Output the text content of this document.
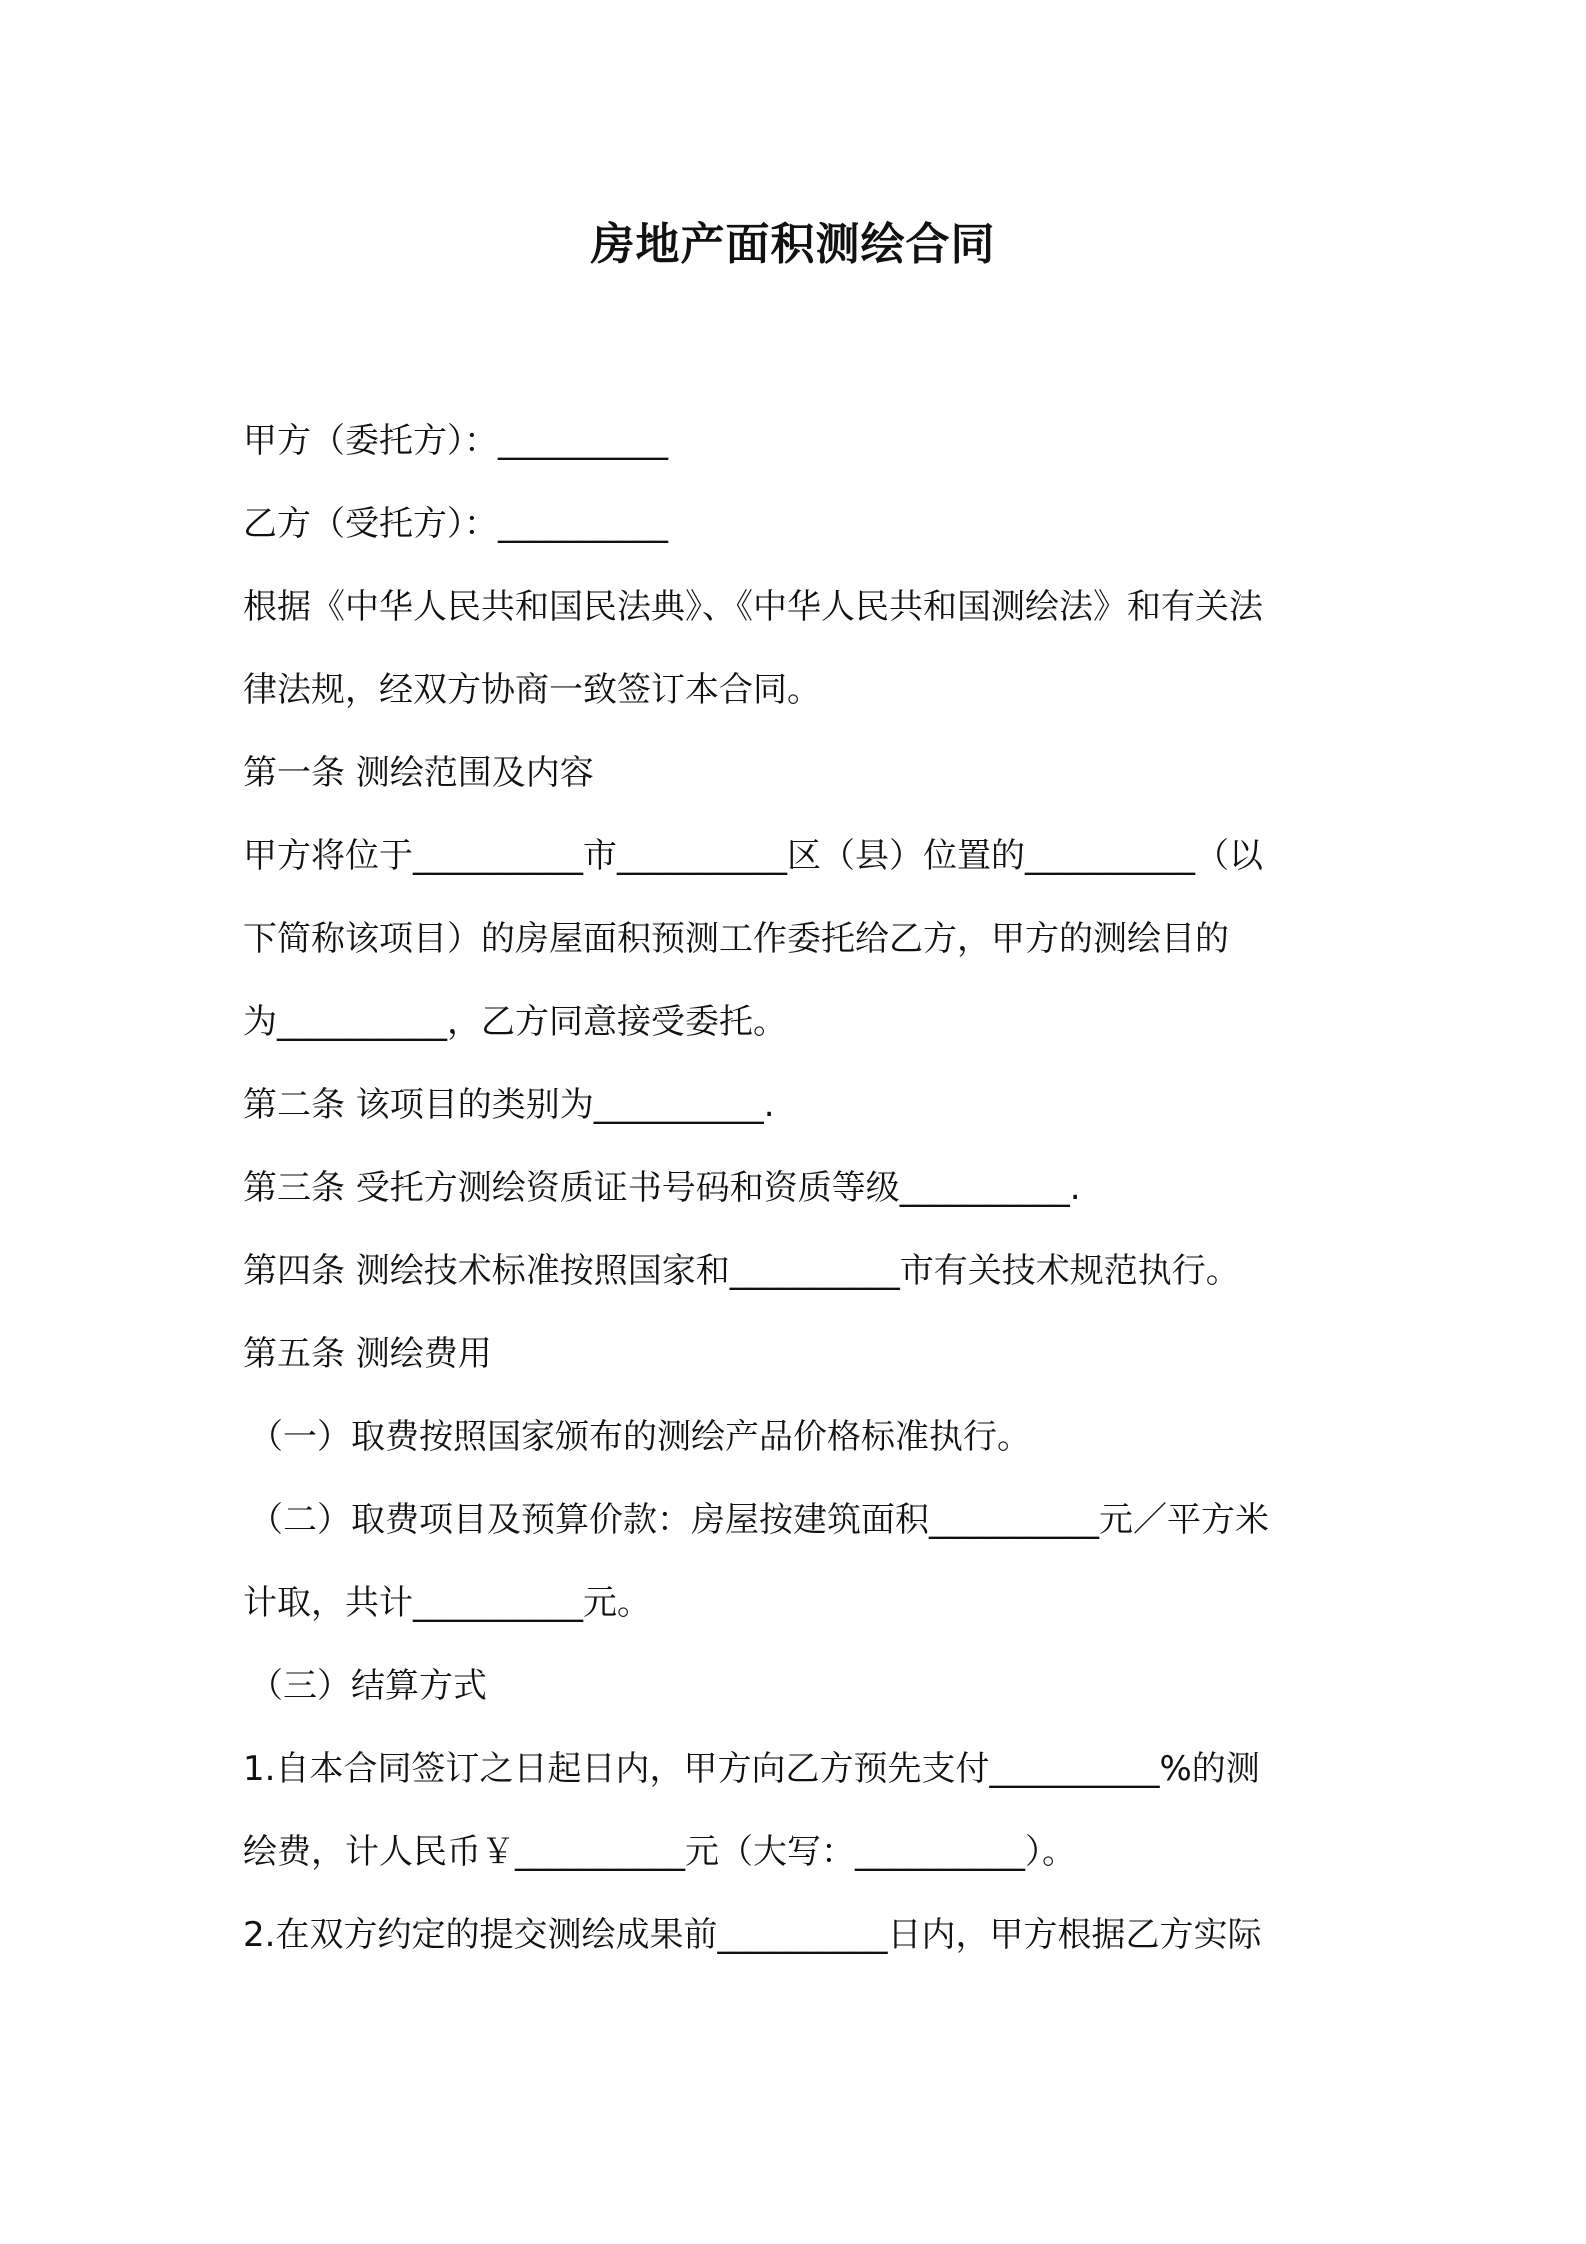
房地产面积测绘合同
甲方（委托方）：__________
乙方（受托方）：__________
根据《中华人民共和国民法典》、《中华人民共和国测绘法》和有关法
律法规，经双方协商一致签订本合同。
第一条 测绘范围及内容
甲方将位于__________市__________区（县）位置的__________（以
下简称该项目）的房屋面积预测工作委托给乙方，甲方的测绘目的
为__________，乙方同意接受委托。
第二条 该项目的类别为__________.
第三条 受托方测绘资质证书号码和资质等级__________.
第四条 测绘技术标准按照国家和__________市有关技术规范执行。
第五条 测绘费用
（一）取费按照国家颁布的测绘产品价格标准执行。
（二）取费项目及预算价款：房屋按建筑面积__________元／平方米
计取，共计__________元。
（三）结算方式
1.自本合同签订之日起日内，甲方向乙方预先支付__________%的测
绘费，计人民币￥__________元（大写：__________）。
2.在双方约定的提交测绘成果前__________日内，甲方根据乙方实际
